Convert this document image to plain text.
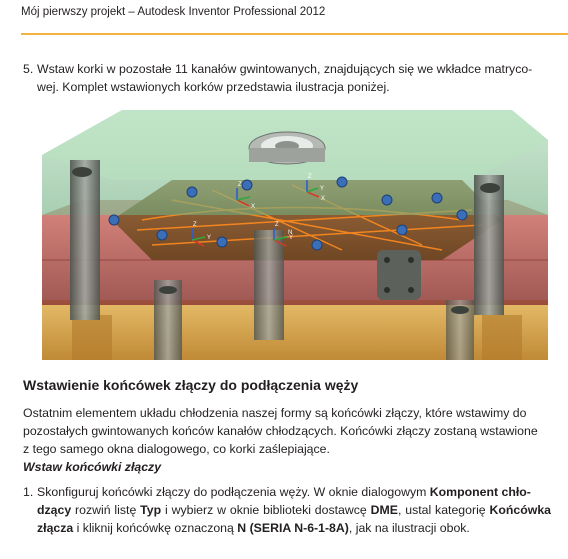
Mój pierwszy projekt – Autodesk Inventor Professional 2012

5. Wstaw korki w pozostałe 11 kanałów gwintowanych, znajdujących się we wkładce matryco-
wej. Komplet wstawionych korków przedstawia ilustracja poniżej.

Z
X
Y
Z
Y
N
Y
Z
X
Z
Wstawienie końcówek złączy do podłączenia węży

Ostatnim elementem układu chłodzenia naszej formy są końcówki złączy, które wstawimy do
pozostałych gwintowanych końców kanałów chłodzących. Końcówki złączy zostaną wstawione
z tego samego okna dialogowego, co korki zaślepiające.

Wstaw końcówki złączy

1. Skonfiguruj końcówki złączy do podłączenia węży. W oknie dialogowym Komponent chło-
dzący rozwiń listę Typ i wybierz w oknie biblioteki dostawcę DME, ustal kategorię Końcówka złącza i kliknij końcówkę oznaczoną N (SERIA N-6-1-8A), jak na ilustracji obok.
